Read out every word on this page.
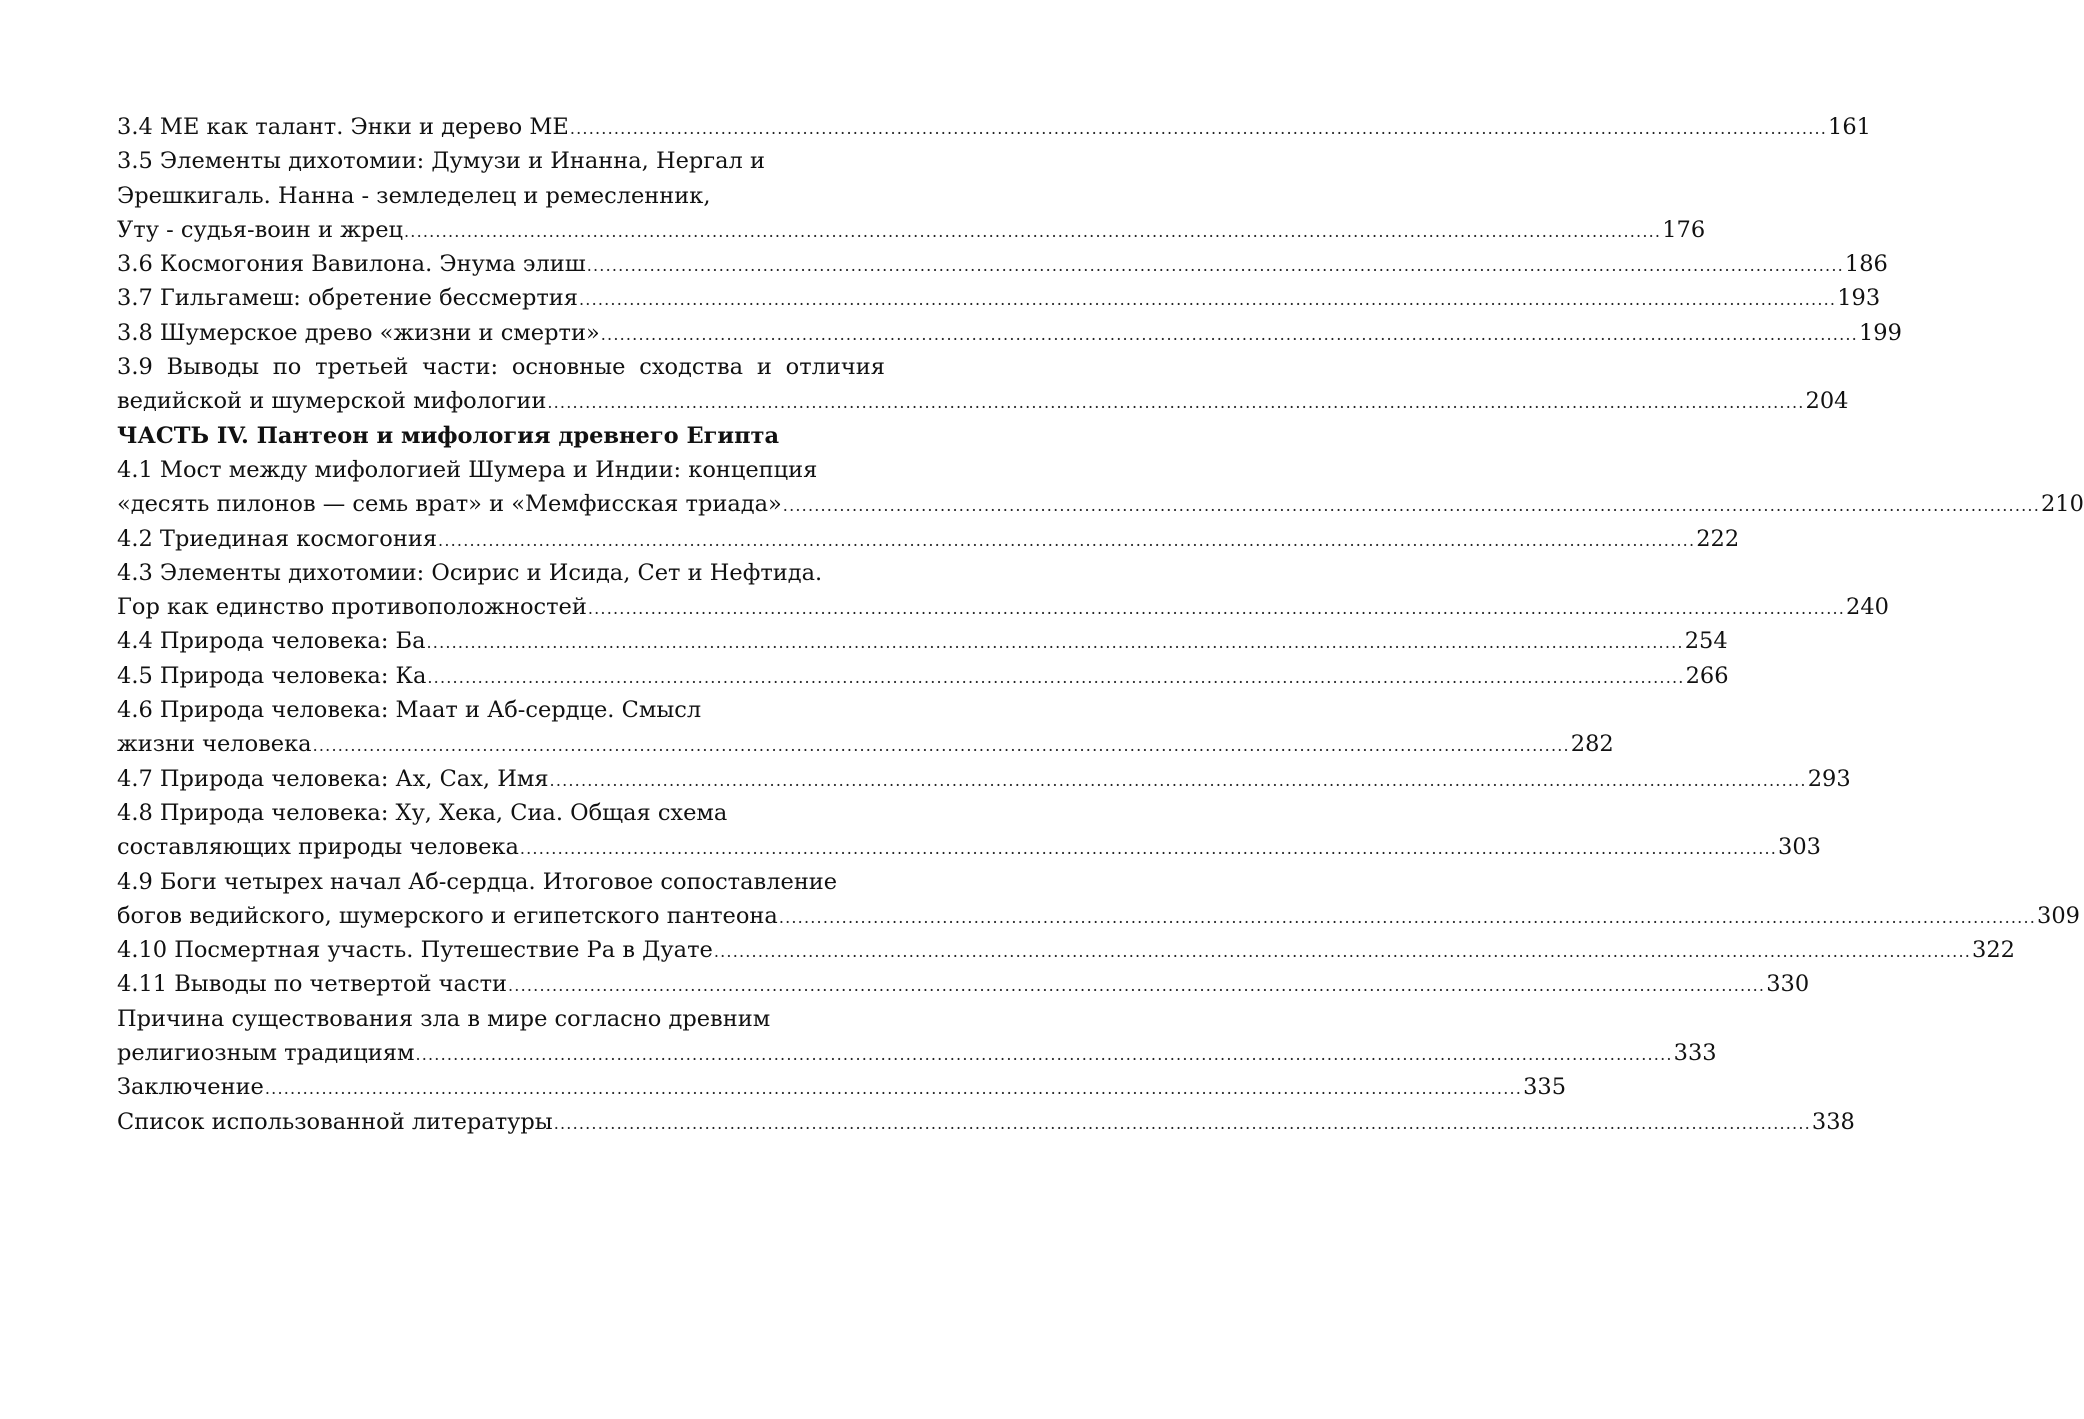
3.4 МЕ как талант. Энки и дерево МЕ ........................................................................................................................................................................................................ 161
3.5 Элементы дихотомии: Думузи и Инанна, Нергал и
Эрешкигаль. Нанна - земледелец и ремесленник,
Уту - судья-воин и жрец ........................................................................................................................................................................................................ 176
3.6 Космогония Вавилона. Энума элиш ........................................................................................................................................................................................................ 186
3.7 Гильгамеш: обретение бессмертия ........................................................................................................................................................................................................ 193
3.8 Шумерское древо «жизни и смерти» ........................................................................................................................................................................................................ 199
3.9 Выводы по третьей части: основные сходства и отличия
ведийской и шумерской мифологии ........................................................................................................................................................................................................ 204
ЧАСТЬ IV. Пантеон и мифология древнего Египта
4.1 Мост между мифологией Шумера и Индии: концепция
«десять пилонов — семь врат» и «Мемфисская триада» ........................................................................................................................................................................................................ 210
4.2 Триединая космогония ........................................................................................................................................................................................................ 222
4.3 Элементы дихотомии: Осирис и Исида, Сет и Нефтида.
Гор как единство противоположностей ........................................................................................................................................................................................................ 240
4.4 Природа человека: Ба ........................................................................................................................................................................................................ 254
4.5 Природа человека: Ка ........................................................................................................................................................................................................ 266
4.6 Природа человека: Маат и Аб-сердце. Смысл
жизни человека ........................................................................................................................................................................................................ 282
4.7 Природа человека: Ах, Сах, Имя ........................................................................................................................................................................................................ 293
4.8 Природа человека: Ху, Хека, Сиа. Общая схема
составляющих природы человека ........................................................................................................................................................................................................ 303
4.9 Боги четырех начал Аб-сердца. Итоговое сопоставление
богов ведийского, шумерского и египетского пантеона ........................................................................................................................................................................................................ 309
4.10 Посмертная участь. Путешествие Ра в Дуате ........................................................................................................................................................................................................ 322
4.11 Выводы по четвертой части ........................................................................................................................................................................................................ 330
Причина существования зла в мире согласно древним
религиозным традициям ........................................................................................................................................................................................................ 333
Заключение ........................................................................................................................................................................................................ 335
Список использованной литературы ........................................................................................................................................................................................................ 338
